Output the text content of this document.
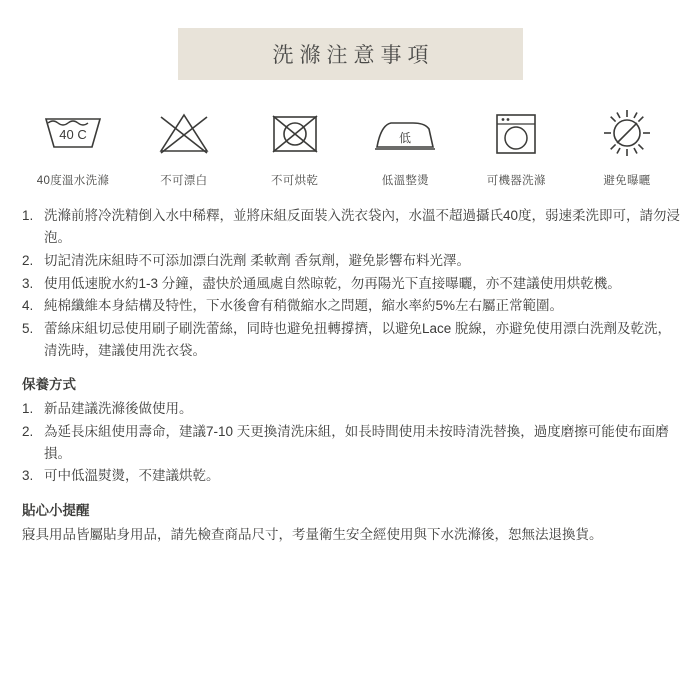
洗滌注意事項
40 C
40度溫水洗滌	不可漂白	不可烘乾
低
低溫整燙	可機器洗滌	避免曝曬
1. 洗滌前將冷洗精倒入水中稀釋，並將床組反面裝入洗衣袋內，水溫不超過攝氏40度，弱速柔洗即可，請勿浸泡。
2. 切記清洗床組時不可添加漂白洗劑 柔軟劑 香氛劑，避免影響布料光澤。
3. 使用低速脫水約1-3 分鐘，盡快於通風處自然晾乾，勿再陽光下直接曝曬，亦不建議使用烘乾機。
4. 純棉纖維本身結構及特性，下水後會有稍微縮水之問題，縮水率約5%左右屬正常範圍。
5. 蕾絲床組切忌使用刷子刷洗蕾絲，同時也避免扭轉撐擠，以避免Lace 脫線，亦避免使用漂白洗劑及乾洗，清洗時，建議使用洗衣袋。
保養方式
1. 新品建議洗滌後做使用。
2. 為延長床組使用壽命，建議7-10 天更換清洗床組，如長時間使用未按時清洗替換，過度磨擦可能使布面磨損。
3. 可中低溫熨燙，不建議烘乾。
貼心小提醒

寢具用品皆屬貼身用品，請先檢查商品尺寸，考量衛生安全經使用與下水洗滌後，恕無法退換貨。
